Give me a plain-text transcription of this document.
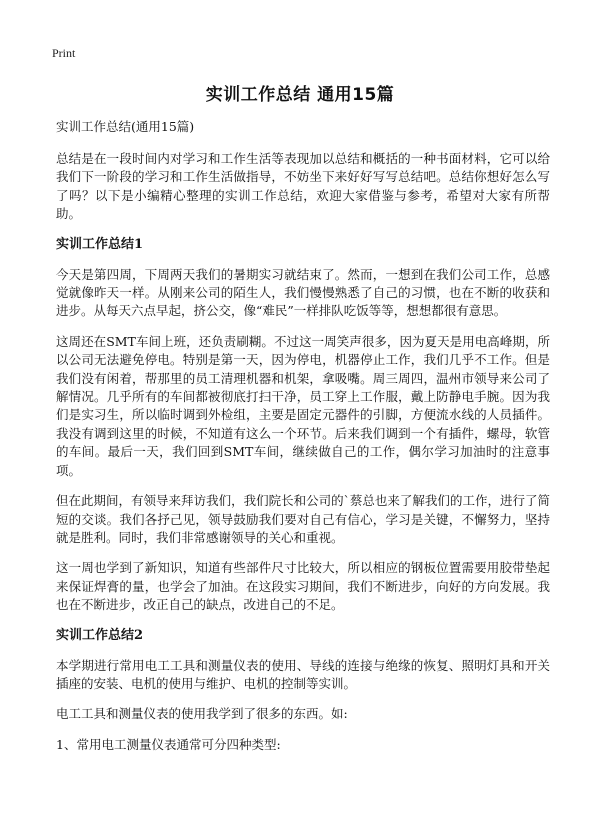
Print
实训工作总结 通用15篇
实训工作总结(通用15篇)

总结是在一段时间内对学习和工作生活等表现加以总结和概括的一种书面材料，它可以给我们下一阶段的学习和工作生活做指导，不妨坐下来好好写写总结吧。总结你想好怎么写了吗？以下是小编精心整理的实训工作总结，欢迎大家借鉴与参考，希望对大家有所帮助。

实训工作总结1

今天是第四周，下周两天我们的暑期实习就结束了。然而，一想到在我们公司工作，总感觉就像昨天一样。从刚来公司的陌生人，我们慢慢熟悉了自己的习惯，也在不断的收获和进步。从每天六点早起，挤公交，像“难民”一样排队吃饭等等，想想都很有意思。

这周还在SMT车间上班，还负责刷糊。不过这一周笑声很多，因为夏天是用电高峰期，所以公司无法避免停电。特别是第一天，因为停电，机器停止工作，我们几乎不工作。但是我们没有闲着，帮那里的员工清理机器和机架，拿吸嘴。周三周四，温州市领导来公司了解情况。几乎所有的车间都被彻底打扫干净，员工穿上工作服，戴上防静电手腕。因为我们是实习生，所以临时调到外检组，主要是固定元器件的引脚，方便流水线的人员插件。我没有调到这里的时候，不知道有这么一个环节。后来我们调到一个有插件，螺母，软管的车间。最后一天，我们回到SMT车间，继续做自己的工作，偶尔学习加油时的注意事项。

但在此期间，有领导来拜访我们，我们院长和公司的`蔡总也来了解我们的工作，进行了简短的交谈。我们各抒己见，领导鼓励我们要对自己有信心，学习是关键，不懈努力，坚持就是胜利。同时，我们非常感谢领导的关心和重视。

这一周也学到了新知识，知道有些部件尺寸比较大，所以相应的钢板位置需要用胶带垫起来保证焊膏的量，也学会了加油。在这段实习期间，我们不断进步，向好的方向发展。我也在不断进步，改正自己的缺点，改进自己的不足。

实训工作总结2

本学期进行常用电工工具和测量仪表的使用、导线的连接与绝缘的恢复、照明灯具和开关插座的安装、电机的使用与维护、电机的控制等实训。

电工工具和测量仪表的使用我学到了很多的东西。如:

1、常用电工测量仪表通常可分四种类型:
